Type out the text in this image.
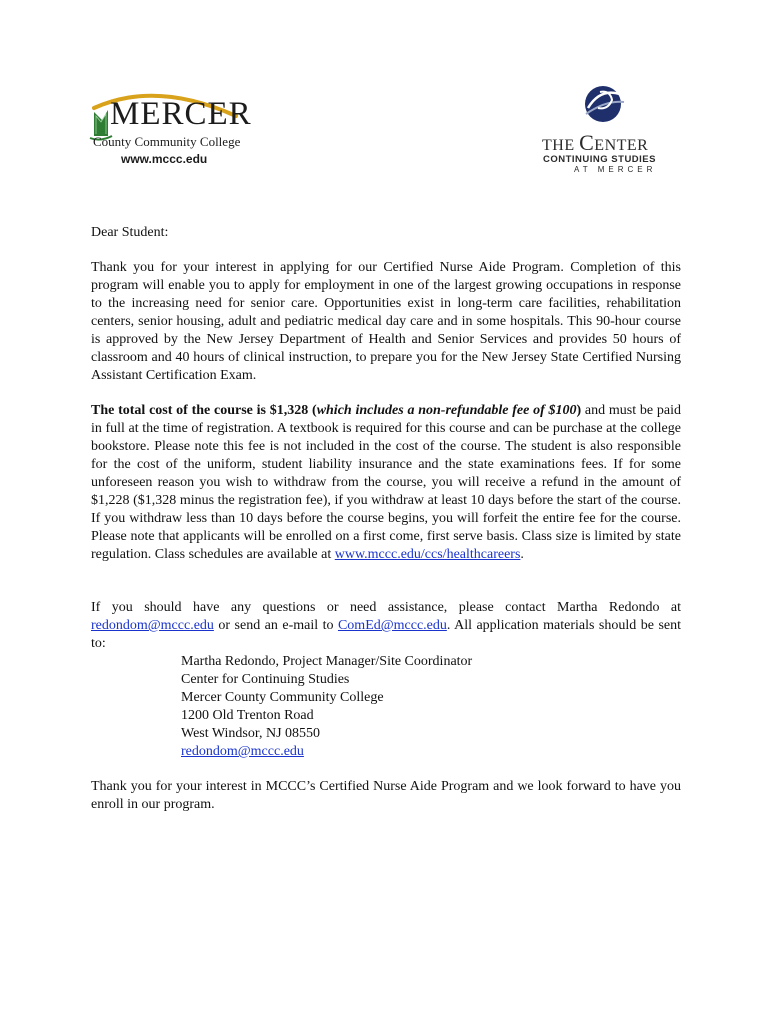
MERCER
County Community College
www.mccc.edu
THE CENTER
CONTINUING STUDIES
AT MERCER

Dear Student:

Thank you for your interest in applying for our Certified Nurse Aide Program. Completion of this program will enable you to apply for employment in one of the largest growing occupations in response to the increasing need for senior care. Opportunities exist in long-term care facilities, rehabilitation centers, senior housing, adult and pediatric medical day care and in some hospitals. This 90-hour course is approved by the New Jersey Department of Health and Senior Services and provides 50 hours of classroom and 40 hours of clinical instruction, to prepare you for the New Jersey State Certified Nursing Assistant Certification Exam.

The total cost of the course is $1,328 (which includes a non-refundable fee of $100) and must be paid in full at the time of registration. A textbook is required for this course and can be purchase at the college bookstore. Please note this fee is not included in the cost of the course. The student is also responsible for the cost of the uniform, student liability insurance and the state examinations fees. If for some unforeseen reason you wish to withdraw from the course, you will receive a refund in the amount of $1,228 ($1,328 minus the registration fee), if you withdraw at least 10 days before the start of the course. If you withdraw less than 10 days before the course begins, you will forfeit the entire fee for the course. Please note that applicants will be enrolled on a first come, first serve basis. Class size is limited by state regulation. Class schedules are available at www.mccc.edu/ccs/healthcareers.

If you should have any questions or need assistance, please contact Martha Redondo at redondom@mccc.edu or send an e-mail to ComEd@mccc.edu. All application materials should be sent to:

Martha Redondo, Project Manager/Site Coordinator
Center for Continuing Studies
Mercer County Community College
1200 Old Trenton Road
West Windsor, NJ 08550
redondom@mccc.edu

Thank you for your interest in MCCC’s Certified Nurse Aide Program and we look forward to have you enroll in our program.
